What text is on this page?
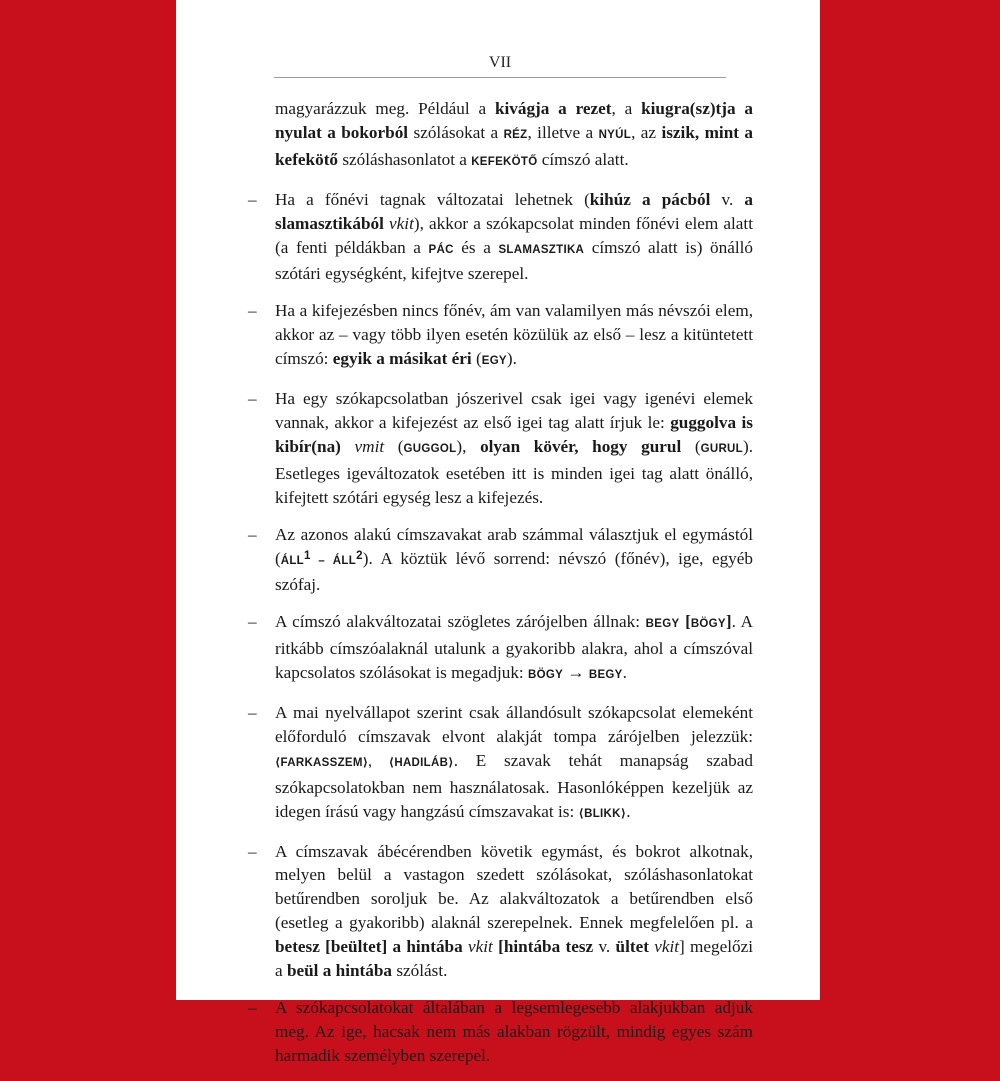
VII

magyarázzuk meg. Például a kivágja a rezet, a kiugra(sz)tja a nyulat a bokorból szólásokat a RÉZ, illetve a NYÚL, az iszik, mint a kefekötő szóláshasonlatot a KEFEKÖTŐ címszó alatt.

– Ha a főnévi tagnak változatai lehetnek (kihúz a pácból v. a slamasztikából vkit), akkor a szókapcsolat minden főnévi elem alatt (a fenti példákban a PÁC és a SLAMASZTIKA címszó alatt is) önálló szótári egységként, kifejtve szerepel.

– Ha a kifejezésben nincs főnév, ám van valamilyen más névszói elem, akkor az – vagy több ilyen esetén közülük az első – lesz a kitüntetett címszó: egyik a másikat éri (EGY).

– Ha egy szókapcsolatban jószerivel csak igei vagy igenévi elemek vannak, akkor a kifejezést az első igei tag alatt írjuk le: guggolva is kibír(na) vmit (GUGGOL), olyan kövér, hogy gurul (GURUL). Esetleges igeváltozatok esetében itt is minden igei tag alatt önálló, kifejtett szótári egység lesz a kifejezés.

– Az azonos alakú címszavakat arab számmal választjuk el egymástól (ÁLL$^1$ – ÁLL$^2$). A köztük lévő sorrend: névszó (főnév), ige, egyéb szófaj.

– A címszó alakváltozatai szögletes zárójelben állnak: BEGY [BÖGY]. A ritkább címszóalaknál utalunk a gyakoribb alakra, ahol a címszóval kapcsolatos szólásokat is megadjuk: BÖGY → BEGY.

– A mai nyelvállapot szerint csak állandósult szókapcsolat elemeként előforduló címszavak elvont alakját tompa zárójelben jelezzük: ⟨FARKASSZEM⟩, ⟨HADILÁB⟩. E szavak tehát manapság szabad szókapcsolatokban nem használatosak. Hasonlóképpen kezeljük az idegen írású vagy hangzású címszavakat is: ⟨BLIKK⟩.

– A címszavak ábécérendben követik egymást, és bokrot alkotnak, melyen belül a vastagon szedett szólásokat, szóláshasonlatokat betűrendben soroljuk be. Az alakváltozatok a betűrendben első (esetleg a gyakoribb) alaknál szerepelnek. Ennek megfelelően pl. a betesz [beültet] a hintába vkit [hintába tesz v. ültet vkit] megelőzi a beül a hintába szólást.

– A szókapcsolatokat általában a legsemlegesebb alakjukban adjuk meg. Az ige, hacsak nem más alakban rögzült, mindig egyes szám harmadik személyben szerepel.
